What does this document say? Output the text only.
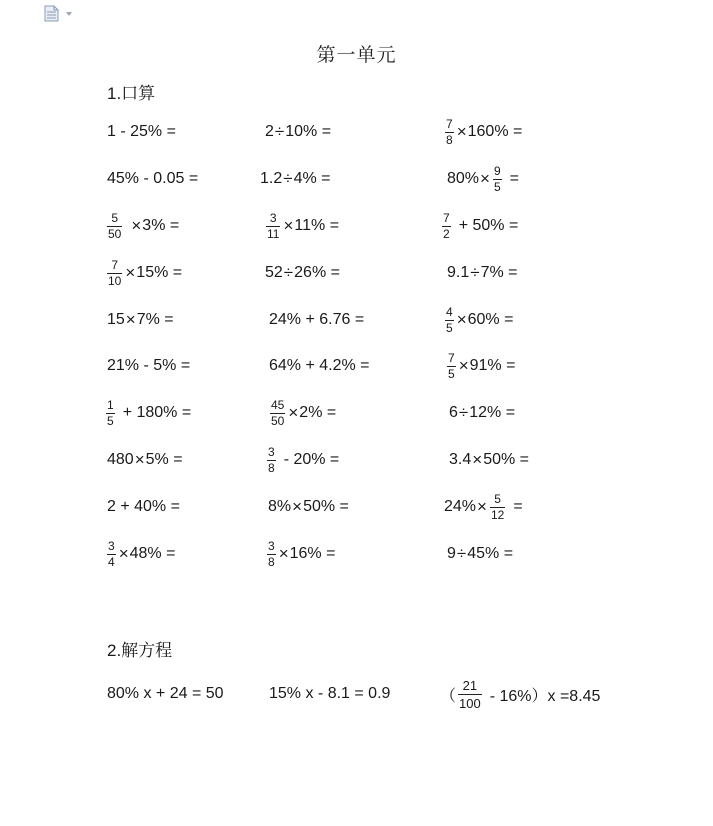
第一单元
1.口算
1 - 25% =	2 ÷ 10% =	$\frac{7}{8} \times 160\%$ =
45% - 0.05 =	1.2 ÷ 4% =	$80\% \times \frac{9}{5}$ =
$\frac{5}{50} \times 3\%$ =	$\frac{3}{11} \times 11\%$ =	$\frac{7}{2} + 50\%$ =
$\frac{7}{10} \times 15\%$ =	52 ÷ 26% =	9.1 ÷ 7% =
15 × 7% =	24% + 6.76 =	$\frac{4}{5} \times 60\%$ =
21% - 5% =	64% + 4.2% =	$\frac{7}{5} \times 91\%$ =
$\frac{1}{5} + 180\%$ =	$\frac{45}{50} \times 2\%$ =	6 ÷ 12% =
480 × 5% =	$\frac{3}{8} - 20\%$ =	3.4 × 50% =
2 + 40% =	8% × 50% =	$24\% \times \frac{5}{12}$ =
$\frac{3}{4} \times 48\%$ =	$\frac{3}{8} \times 16\%$ =	9 ÷ 45% =
2.解方程
80% x + 24 = 50	15% x - 8.1 = 0.9	（ $\frac{21}{100} - 16\%)x =8.45$
